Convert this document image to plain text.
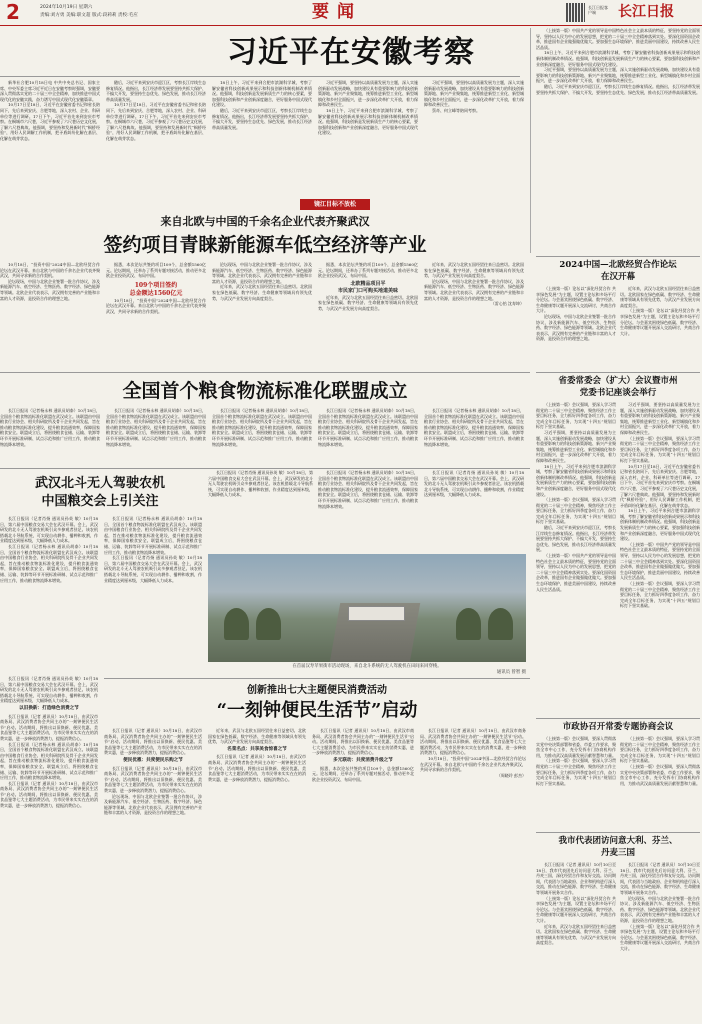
2	2024年10月19日 星期六
责编:刘方勇 美编:职文超 版式:段莉莉 责校:毛应	要闻	长江日报客户端	长江日报
习近平在安徽考察

新华社合肥10月18日电 中共中央总书记、国家主席、中央军委主席习近平近日在安徽考察时强调，安徽要深入贯彻落实党的二十届三中全会精神，加快推进中国式现代化的安徽实践，奋力谱写中国式现代化安徽篇章。

10月17日至18日，习近平在安徽省委书记和省长陪同下，先后来到安庆、合肥等地，深入农村、企业、科研单位等进行调研。17日下午，习近平首先来到安庆市考察。在桐城市六尺巷，习近平参观了六尺巷历史文化展，了解六尺巷典故。他强调，要坚持和发展新时代“枫桥经验”，用好人民调解工作机制，把矛盾纠纷化解在基层、化解在萌芽状态。

随后，习近平来到安庆市迎江区，考察长江岸线生态修复情况。他指出，长江经济带发展要坚持共抓大保护、不搞大开发，要坚持生态优先、绿色发展，推动长江经济带高质量发展。

10月17日至18日，习近平在安徽省委书记和省长陪同下，先后来到安庆、合肥等地，深入农村、企业、科研单位等进行调研。17日下午，习近平首先来到安庆市考察。在桐城市六尺巷，习近平参观了六尺巷历史文化展，了解六尺巷典故。他强调，要坚持和发展新时代“枫桥经验”，用好人民调解工作机制，把矛盾纠纷化解在基层、化解在萌芽状态。

18日上午，习近平来到合肥市滨湖科学城，考察了解安徽省科技创新成果展示和科技创新体制机制改革情况。他强调，科技创新是发展新质生产力的核心要素，要加强科技创新和产业创新深度融合，更好服务中国式现代化建设。

随后，习近平来到安庆市迎江区，考察长江岸线生态修复情况。他指出，长江经济带发展要坚持共抓大保护、不搞大开发，要坚持生态优先、绿色发展，推动长江经济带高质量发展。

习近平强调，要坚持以高质量发展为主题，深入实施创新驱动发展战略，加快建设具有重要影响力的科技创新策源地、新兴产业聚集地，统筹推进新型工业化、新型城镇化和乡村全面振兴，进一步深化改革扩大开放，着力保障和改善民生。

18日上午，习近平来到合肥市滨湖科学城，考察了解安徽省科技创新成果展示和科技创新体制机制改革情况。他强调，科技创新是发展新质生产力的核心要素，要加强科技创新和产业创新深度融合，更好服务中国式现代化建设。

习近平强调，要坚持以高质量发展为主题，深入实施创新驱动发展战略，加快建设具有重要影响力的科技创新策源地、新兴产业聚集地，统筹推进新型工业化、新型城镇化和乡村全面振兴，进一步深化改革扩大开放，着力保障和改善民生。

蔡奇、何立峰等陪同考察。

（上接第一版）中国共产党的领导是中国特色社会主义最本质的特征，要坚持党的全面领导，坚持以人民为中心的发展思想，把党的二十届三中全会精神落到实处。要深化国资国企改革，推进国有企业做强做优做大。要加强生态环境保护，推进美丽中国建设，持续改善人民生活品质。

18日上午，习近平来到合肥市滨湖科学城，考察了解安徽省科技创新成果展示和科技创新体制机制改革情况。他强调，科技创新是发展新质生产力的核心要素，要加强科技创新和产业创新深度融合，更好服务中国式现代化建设。

习近平强调，要坚持以高质量发展为主题，深入实施创新驱动发展战略，加快建设具有重要影响力的科技创新策源地、新兴产业聚集地，统筹推进新型工业化、新型城镇化和乡村全面振兴，进一步深化改革扩大开放，着力保障和改善民生。

随后，习近平来到安庆市迎江区，考察长江岸线生态修复情况。他指出，长江经济带发展要坚持共抓大保护、不搞大开发，要坚持生态优先、绿色发展，推动长江经济带高质量发展。

镜江目标不放松
来自北欧与中国的千余名企业代表齐聚武汉
签约项目青睐新能源车低空经济等产业

10月18日，“投资中国”2024中国—北欧经贸合作论坛在武汉开幕。来自北欧与中国的千余名企业代表齐聚武汉，共同寻求新的合作契机。

论坛现场，中国与北欧企业签署一批合作协议，涉及新能源汽车、低空经济、生物医药、数字经济、绿色能源等领域。北欧企业代表表示，武汉拥有完善的产业链和丰富的人才资源，是投资合作的理想之地。

据悉，本次论坛共签约项目109个，总金额1560亿元。论坛期间，还举办了系列专题对接活动，推动更多北欧企业投资武汉、布局中国。

109个项目签约
总金额达1560亿元

10月18日，“投资中国”2024中国—北欧经贸合作论坛在武汉开幕。来自北欧与中国的千余名企业代表齐聚武汉，共同寻求新的合作契机。

论坛现场，中国与北欧企业签署一批合作协议，涉及新能源汽车、低空经济、生物医药、数字经济、绿色能源等领域。北欧企业代表表示，武汉拥有完善的产业链和丰富的人才资源，是投资合作的理想之地。

近年来，武汉与北欧五国经贸往来日益密切。北欧国家在绿色低碳、数字经济、生命健康等领域具有领先优势，与武汉产业发展方向高度契合。

据悉，本次论坛共签约项目109个，总金额1560亿元。论坛期间，还举办了系列专题对接活动，推动更多北欧企业投资武汉、布局中国。

北欧精品项目平
市民家门口可购买地道美味

近年来，武汉与北欧五国经贸往来日益密切。北欧国家在绿色低碳、数字经济、生命健康等领域具有领先优势，与武汉产业发展方向高度契合。

近年来，武汉与北欧五国经贸往来日益密切。北欧国家在绿色低碳、数字经济、生命健康等领域具有领先优势，与武汉产业发展方向高度契合。

论坛现场，中国与北欧企业签署一批合作协议，涉及新能源汽车、低空经济、生物医药、数字经济、绿色能源等领域。北欧企业代表表示，武汉拥有完善的产业链和丰富的人才资源，是投资合作的理想之地。

（雷心怡 沈寿坤）
2024中国—北欧经贸合作论坛
在汉开幕

（上接第一版）论坛以“深化经贸合作 共享绿色发展”为主题，设置主论坛和多场平行分论坛。与会嘉宾围绕绿色低碳、数字经济、生命健康等议题开展深入交流研讨，共商合作大计。

论坛现场，中国与北欧企业签署一批合作协议，涉及新能源汽车、低空经济、生物医药、数字经济、绿色能源等领域。北欧企业代表表示，武汉拥有完善的产业链和丰富的人才资源，是投资合作的理想之地。

近年来，武汉与北欧五国经贸往来日益密切。北欧国家在绿色低碳、数字经济、生命健康等领域具有领先优势，与武汉产业发展方向高度契合。

（上接第一版）论坛以“深化经贸合作 共享绿色发展”为主题，设置主论坛和多场平行分论坛。与会嘉宾围绕绿色低碳、数字经济、生命健康等议题开展深入交流研讨，共商合作大计。

全国首个粮食物流标准化联盟成立

长江日报讯（记者杨永林 通讯员胡泰）10月18日，全国首个粮食物流标准化联盟在武汉成立。该联盟由中国粮食行业协会、相关科研院所及骨干企业共同发起，旨在推动粮食物流标准化建设，提升粮食流通效率，保障国家粮食安全。联盟成立后，将围绕粮食仓储、运输、装卸等环节开展标准研制、试点示范和推广应用工作，推动粮食物流降本增效。

长江日报讯（记者杨永林 通讯员胡泰）10月18日，全国首个粮食物流标准化联盟在武汉成立。该联盟由中国粮食行业协会、相关科研院所及骨干企业共同发起，旨在推动粮食物流标准化建设，提升粮食流通效率，保障国家粮食安全。联盟成立后，将围绕粮食仓储、运输、装卸等环节开展标准研制、试点示范和推广应用工作，推动粮食物流降本增效。

长江日报讯（记者杨永林 通讯员胡泰）10月18日，全国首个粮食物流标准化联盟在武汉成立。该联盟由中国粮食行业协会、相关科研院所及骨干企业共同发起，旨在推动粮食物流标准化建设，提升粮食流通效率，保障国家粮食安全。联盟成立后，将围绕粮食仓储、运输、装卸等环节开展标准研制、试点示范和推广应用工作，推动粮食物流降本增效。

长江日报讯（记者杨永林 通讯员胡泰）10月18日，全国首个粮食物流标准化联盟在武汉成立。该联盟由中国粮食行业协会、相关科研院所及骨干企业共同发起，旨在推动粮食物流标准化建设，提升粮食流通效率，保障国家粮食安全。联盟成立后，将围绕粮食仓储、运输、装卸等环节开展标准研制、试点示范和推广应用工作，推动粮食物流降本增效。

长江日报讯（记者杨永林 通讯员胡泰）10月18日，全国首个粮食物流标准化联盟在武汉成立。该联盟由中国粮食行业协会、相关科研院所及骨干企业共同发起，旨在推动粮食物流标准化建设，提升粮食流通效率，保障国家粮食安全。联盟成立后，将围绕粮食仓储、运输、装卸等环节开展标准研制、试点示范和推广应用工作，推动粮食物流降本增效。

省委常委会（扩大）会议暨市州
党委书记座谈会举行

（上接第一版）会议强调，要深入学习贯彻党的二十届三中全会精神，聚焦经济工作主要目标任务，全力抓好四季度各项工作，奋力完成全年目标任务，为实现“十四五”规划目标打下坚实基础。

习近平强调，要坚持以高质量发展为主题，深入实施创新驱动发展战略，加快建设具有重要影响力的科技创新策源地、新兴产业聚集地，统筹推进新型工业化、新型城镇化和乡村全面振兴，进一步深化改革扩大开放，着力保障和改善民生。

18日上午，习近平来到合肥市滨湖科学城，考察了解安徽省科技创新成果展示和科技创新体制机制改革情况。他强调，科技创新是发展新质生产力的核心要素，要加强科技创新和产业创新深度融合，更好服务中国式现代化建设。

（上接第一版）会议强调，要深入学习贯彻党的二十届三中全会精神，聚焦经济工作主要目标任务，全力抓好四季度各项工作，奋力完成全年目标任务，为实现“十四五”规划目标打下坚实基础。

随后，习近平来到安庆市迎江区，考察长江岸线生态修复情况。他指出，长江经济带发展要坚持共抓大保护、不搞大开发，要坚持生态优先、绿色发展，推动长江经济带高质量发展。

（上接第一版）中国共产党的领导是中国特色社会主义最本质的特征，要坚持党的全面领导，坚持以人民为中心的发展思想，把党的二十届三中全会精神落到实处。要深化国资国企改革，推进国有企业做强做优做大。要加强生态环境保护，推进美丽中国建设，持续改善人民生活品质。

习近平强调，要坚持以高质量发展为主题，深入实施创新驱动发展战略，加快建设具有重要影响力的科技创新策源地、新兴产业聚集地，统筹推进新型工业化、新型城镇化和乡村全面振兴，进一步深化改革扩大开放，着力保障和改善民生。

（上接第一版）会议强调，要深入学习贯彻党的二十届三中全会精神，聚焦经济工作主要目标任务，全力抓好四季度各项工作，奋力完成全年目标任务，为实现“十四五”规划目标打下坚实基础。

10月17日至18日，习近平在安徽省委书记和省长陪同下，先后来到安庆、合肥等地，深入农村、企业、科研单位等进行调研。17日下午，习近平首先来到安庆市考察。在桐城市六尺巷，习近平参观了六尺巷历史文化展，了解六尺巷典故。他强调，要坚持和发展新时代“枫桥经验”，用好人民调解工作机制，把矛盾纠纷化解在基层、化解在萌芽状态。

18日上午，习近平来到合肥市滨湖科学城，考察了解安徽省科技创新成果展示和科技创新体制机制改革情况。他强调，科技创新是发展新质生产力的核心要素，要加强科技创新和产业创新深度融合，更好服务中国式现代化建设。

（上接第一版）中国共产党的领导是中国特色社会主义最本质的特征，要坚持党的全面领导，坚持以人民为中心的发展思想，把党的二十届三中全会精神落到实处。要深化国资国企改革，推进国有企业做强做优做大。要加强生态环境保护，推进美丽中国建设，持续改善人民生活品质。

（上接第一版）会议强调，要深入学习贯彻党的二十届三中全会精神，聚焦经济工作主要目标任务，全力抓好四季度各项工作，奋力完成全年目标任务，为实现“十四五”规划目标打下坚实基础。

武汉北斗无人驾驶农机
中国粮交会上引关注

长江日报讯（记者肖扬 通讯员孙英 敏）10月18日，第六届中国粮食交易大会在武汉开幕。会上，武汉研发的北斗无人驾驶农机吸引众多参观者驻足。该农机搭载北斗导航系统，可实现自动耕作、播种和收割，作业精度达到厘米级，大幅降低人力成本。

长江日报讯（记者杨永林 通讯员胡泰）10月18日，全国首个粮食物流标准化联盟在武汉成立。该联盟由中国粮食行业协会、相关科研院所及骨干企业共同发起，旨在推动粮食物流标准化建设，提升粮食流通效率，保障国家粮食安全。联盟成立后，将围绕粮食仓储、运输、装卸等环节开展标准研制、试点示范和推广应用工作，推动粮食物流降本增效。

长江日报讯（记者杨永林 通讯员胡泰）10月18日，全国首个粮食物流标准化联盟在武汉成立。该联盟由中国粮食行业协会、相关科研院所及骨干企业共同发起，旨在推动粮食物流标准化建设，提升粮食流通效率，保障国家粮食安全。联盟成立后，将围绕粮食仓储、运输、装卸等环节开展标准研制、试点示范和推广应用工作，推动粮食物流降本增效。

长江日报讯（记者肖扬 通讯员孙英 敏）10月18日，第六届中国粮食交易大会在武汉开幕。会上，武汉研发的北斗无人驾驶农机吸引众多参观者驻足。该农机搭载北斗导航系统，可实现自动耕作、播种和收割，作业精度达到厘米级，大幅降低人力成本。

长江日报讯（记者肖扬 通讯员孙英 敏）10月18日，第六届中国粮食交易大会在武汉开幕。会上，武汉研发的北斗无人驾驶农机吸引众多参观者驻足。该农机搭载北斗导航系统，可实现自动耕作、播种和收割，作业精度达到厘米级，大幅降低人力成本。

长江日报讯（记者杨永林 通讯员胡泰）10月18日，全国首个粮食物流标准化联盟在武汉成立。该联盟由中国粮食行业协会、相关科研院所及骨干企业共同发起，旨在推动粮食物流标准化建设，提升粮食流通效率，保障国家粮食安全。联盟成立后，将围绕粮食仓储、运输、装卸等环节开展标准研制、试点示范和推广应用工作，推动粮食物流降本增效。

长江日报讯（记者肖扬 通讯员孙英 敏）10月18日，第六届中国粮食交易大会在武汉开幕。会上，武汉研发的北斗无人驾驶农机吸引众多参观者驻足。该农机搭载北斗导航系统，可实现自动耕作、播种和收割，作业精度达到厘米级，大幅降低人力成本。

在首届汉寿苹果街市活动现场，来自北斗系统的无人驾驶机在田间来回穿梭。
通讯员 曾智 摄

长江日报讯（记者肖扬 通讯员孙英 敏）10月18日，第六届中国粮食交易大会在武汉开幕。会上，武汉研发的北斗无人驾驶农机吸引众多参观者驻足。该农机搭载北斗导航系统，可实现自动耕作、播种和收割，作业精度达到厘米级，大幅降低人力成本。

以旧换新：打造绿色消费之节

长江日报讯（记者 通讯员）10月18日，由武汉市商务局、武汉消费者协会共同主办的“一刻钟便民生活节”启动。活动期间，将推出以旧换新、便民优惠、美食品鉴等七大主题消费活动，为市民带来实实在在的消费实惠，进一步释放消费潜力，提振消费信心。

长江日报讯（记者杨永林 通讯员胡泰）10月18日，全国首个粮食物流标准化联盟在武汉成立。该联盟由中国粮食行业协会、相关科研院所及骨干企业共同发起，旨在推动粮食物流标准化建设，提升粮食流通效率，保障国家粮食安全。联盟成立后，将围绕粮食仓储、运输、装卸等环节开展标准研制、试点示范和推广应用工作，推动粮食物流降本增效。

长江日报讯（记者 通讯员）10月18日，由武汉市商务局、武汉消费者协会共同主办的“一刻钟便民生活节”启动。活动期间，将推出以旧换新、便民优惠、美食品鉴等七大主题消费活动，为市民带来实实在在的消费实惠，进一步释放消费潜力，提振消费信心。

创新推出七大主题便民消费活动
“一刻钟便民生活节”启动

长江日报讯（记者 通讯员）10月18日，由武汉市商务局、武汉消费者协会共同主办的“一刻钟便民生活节”启动。活动期间，将推出以旧换新、便民优惠、美食品鉴等七大主题消费活动，为市民带来实实在在的消费实惠，进一步释放消费潜力，提振消费信心。

便民优惠：共度便民乐购之节

长江日报讯（记者 通讯员）10月18日，由武汉市商务局、武汉消费者协会共同主办的“一刻钟便民生活节”启动。活动期间，将推出以旧换新、便民优惠、美食品鉴等七大主题消费活动，为市民带来实实在在的消费实惠，进一步释放消费潜力，提振消费信心。

论坛现场，中国与北欧企业签署一批合作协议，涉及新能源汽车、低空经济、生物医药、数字经济、绿色能源等领域。北欧企业代表表示，武汉拥有完善的产业链和丰富的人才资源，是投资合作的理想之地。

近年来，武汉与北欧五国经贸往来日益密切。北欧国家在绿色低碳、数字经济、生命健康等领域具有领先优势，与武汉产业发展方向高度契合。

名菜名点：共享美食惊喜之节

长江日报讯（记者 通讯员）10月18日，由武汉市商务局、武汉消费者协会共同主办的“一刻钟便民生活节”启动。活动期间，将推出以旧换新、便民优惠、美食品鉴等七大主题消费活动，为市民带来实实在在的消费实惠，进一步释放消费潜力，提振消费信心。

长江日报讯（记者 通讯员）10月18日，由武汉市商务局、武汉消费者协会共同主办的“一刻钟便民生活节”启动。活动期间，将推出以旧换新、便民优惠、美食品鉴等七大主题消费活动，为市民带来实实在在的消费实惠，进一步释放消费潜力，提振消费信心。

多元联动：共度消费升级之节

据悉，本次论坛共签约项目109个，总金额1560亿元。论坛期间，还举办了系列专题对接活动，推动更多北欧企业投资武汉、布局中国。

长江日报讯（记者 通讯员）10月18日，由武汉市商务局、武汉消费者协会共同主办的“一刻钟便民生活节”启动。活动期间，将推出以旧换新、便民优惠、美食品鉴等七大主题消费活动，为市民带来实实在在的消费实惠，进一步释放消费潜力，提振消费信心。

10月18日，“投资中国”2024中国—北欧经贸合作论坛在武汉开幕。来自北欧与中国的千余名企业代表齐聚武汉，共同寻求新的合作契机。

（周晓玲 彭杰）
市政协召开常委专题协商会议

（上接第一版）会议强调，要深入贯彻落实党中央决策部署和省委、市委工作要求，聚焦全市中心工作，充分发挥专门协商机构作用，为推动武汉高质量发展贡献智慧和力量。

（上接第一版）会议强调，要深入学习贯彻党的二十届三中全会精神，聚焦经济工作主要目标任务，全力抓好四季度各项工作，奋力完成全年目标任务，为实现“十四五”规划目标打下坚实基础。

（上接第一版）会议强调，要深入学习贯彻党的二十届三中全会精神，聚焦经济工作主要目标任务，全力抓好四季度各项工作，奋力完成全年目标任务，为实现“十四五”规划目标打下坚实基础。

（上接第一版）会议强调，要深入贯彻落实党中央决策部署和省委、市委工作要求，聚焦全市中心工作，充分发挥专门协商机构作用，为推动武汉高质量发展贡献智慧和力量。

我市代表团访问意大利、芬兰、
丹麦三国

长江日报讯（记者 通讯员）10月10日至18日，我市代表团先后访问意大利、芬兰、丹麦三国，深化经贸合作和友好交流。访问期间，代表团与当地政府、企业和机构进行深入交流，推动在绿色能源、数字经济、生命健康等领域开展务实合作。

（上接第一版）论坛以“深化经贸合作 共享绿色发展”为主题，设置主论坛和多场平行分论坛。与会嘉宾围绕绿色低碳、数字经济、生命健康等议题开展深入交流研讨，共商合作大计。

近年来，武汉与北欧五国经贸往来日益密切。北欧国家在绿色低碳、数字经济、生命健康等领域具有领先优势，与武汉产业发展方向高度契合。

长江日报讯（记者 通讯员）10月10日至18日，我市代表团先后访问意大利、芬兰、丹麦三国，深化经贸合作和友好交流。访问期间，代表团与当地政府、企业和机构进行深入交流，推动在绿色能源、数字经济、生命健康等领域开展务实合作。

论坛现场，中国与北欧企业签署一批合作协议，涉及新能源汽车、低空经济、生物医药、数字经济、绿色能源等领域。北欧企业代表表示，武汉拥有完善的产业链和丰富的人才资源，是投资合作的理想之地。

（上接第一版）论坛以“深化经贸合作 共享绿色发展”为主题，设置主论坛和多场平行分论坛。与会嘉宾围绕绿色低碳、数字经济、生命健康等议题开展深入交流研讨，共商合作大计。
